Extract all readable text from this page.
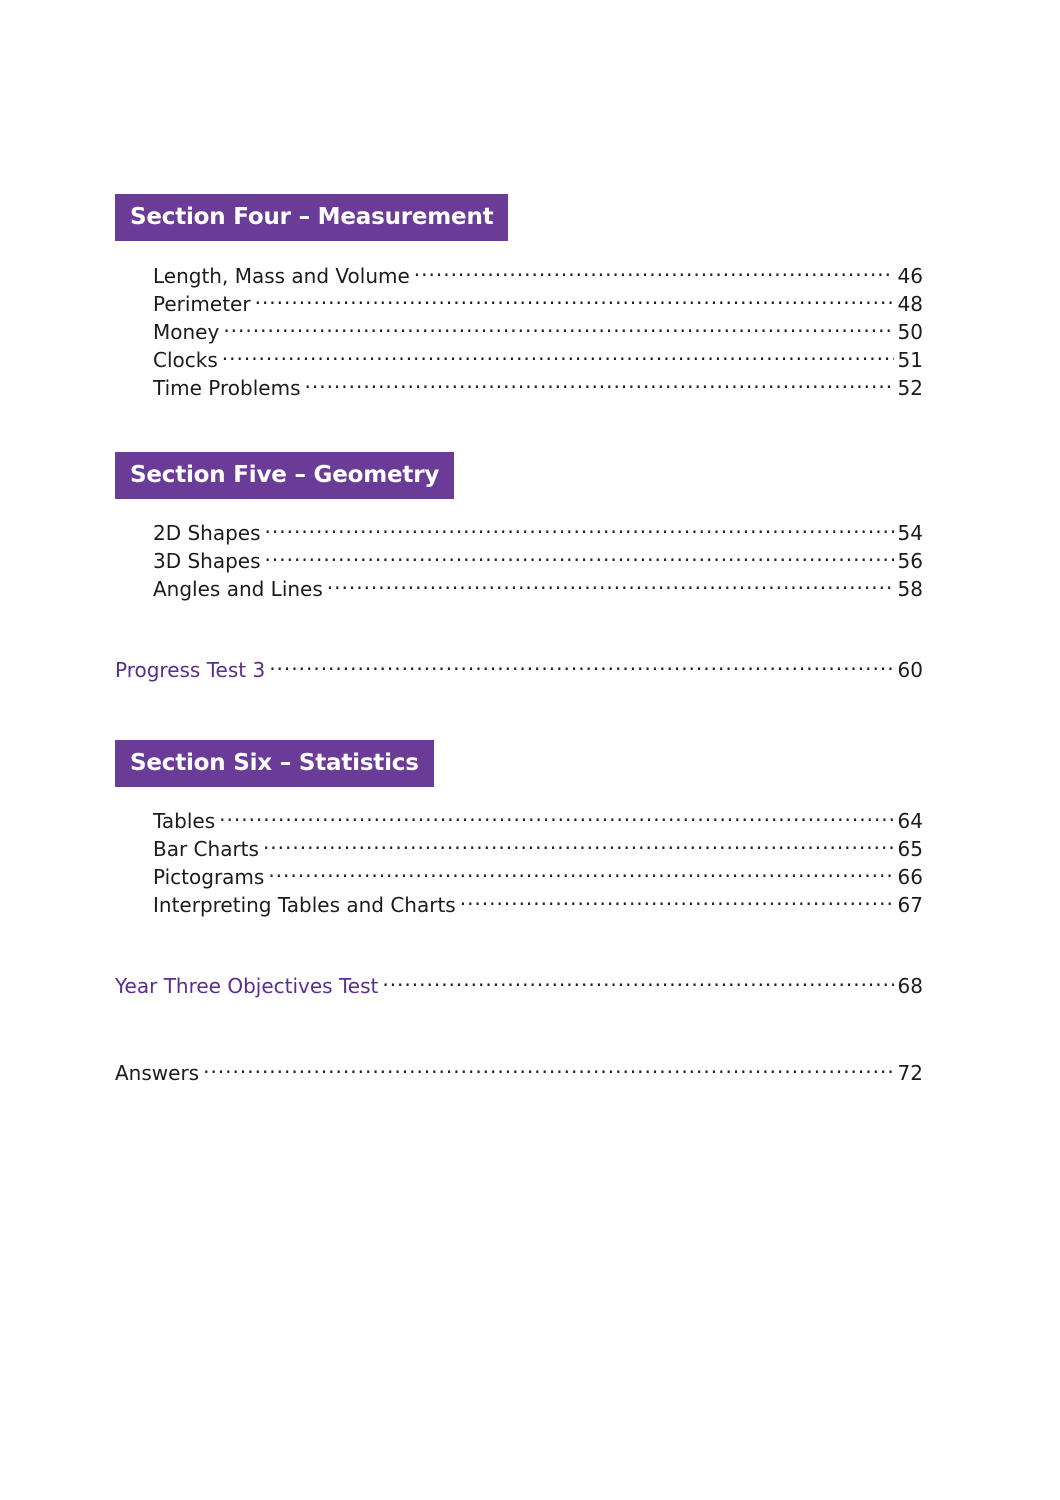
Section Four – Measurement
Length, Mass and Volume .....	46
Perimeter .....	48
Money .....	50
Clocks .....	51
Time Problems .....	52
Section Five – Geometry
2D Shapes .....	54
3D Shapes .....	56
Angles and Lines .....	58
Progress Test 3 .....	60
Section Six – Statistics
Tables .....	64
Bar Charts .....	65
Pictograms .....	66
Interpreting Tables and Charts .....	67
Year Three Objectives Test .....	68
Answers .....	72
